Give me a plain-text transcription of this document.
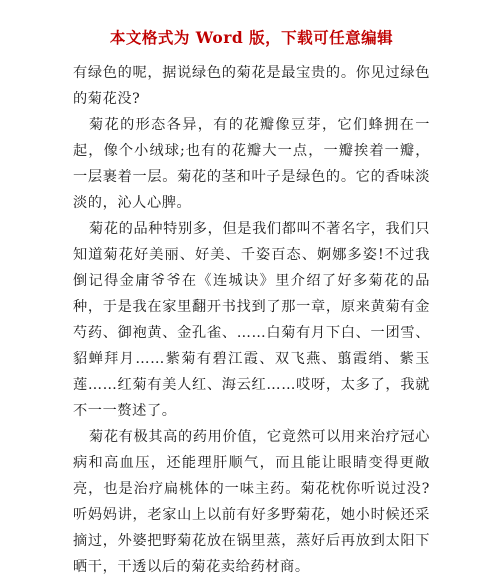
本文格式为 Word 版，下载可任意编辑

有绿色的呢，据说绿色的菊花是最宝贵的。你见过绿色的菊花没?

菊花的形态各异，有的花瓣像豆芽，它们蜂拥在一起，像个小绒球;也有的花瓣大一点，一瓣挨着一瓣，一层裹着一层。菊花的茎和叶子是绿色的。它的香味淡淡的，沁人心脾。

菊花的品种特别多，但是我们都叫不著名字，我们只知道菊花好美丽、好美、千姿百态、婀娜多姿!不过我倒记得金庸爷爷在《连城诀》里介绍了好多菊花的品种，于是我在家里翻开书找到了那一章，原来黄菊有金芍药、御袍黄、金孔雀、……白菊有月下白、一团雪、貂蝉拜月……紫菊有碧江霞、双飞燕、翦霞绡、紫玉莲……红菊有美人红、海云红……哎呀，太多了，我就不一一赘述了。

菊花有极其高的药用价值，它竟然可以用来治疗冠心病和高血压，还能理肝顺气，而且能让眼睛变得更敞亮，也是治疗扁桃体的一味主药。菊花枕你听说过没?听妈妈讲，老家山上以前有好多野菊花，她小时候还采摘过，外婆把野菊花放在锅里蒸，蒸好后再放到太阳下晒干，干透以后的菊花卖给药材商。
